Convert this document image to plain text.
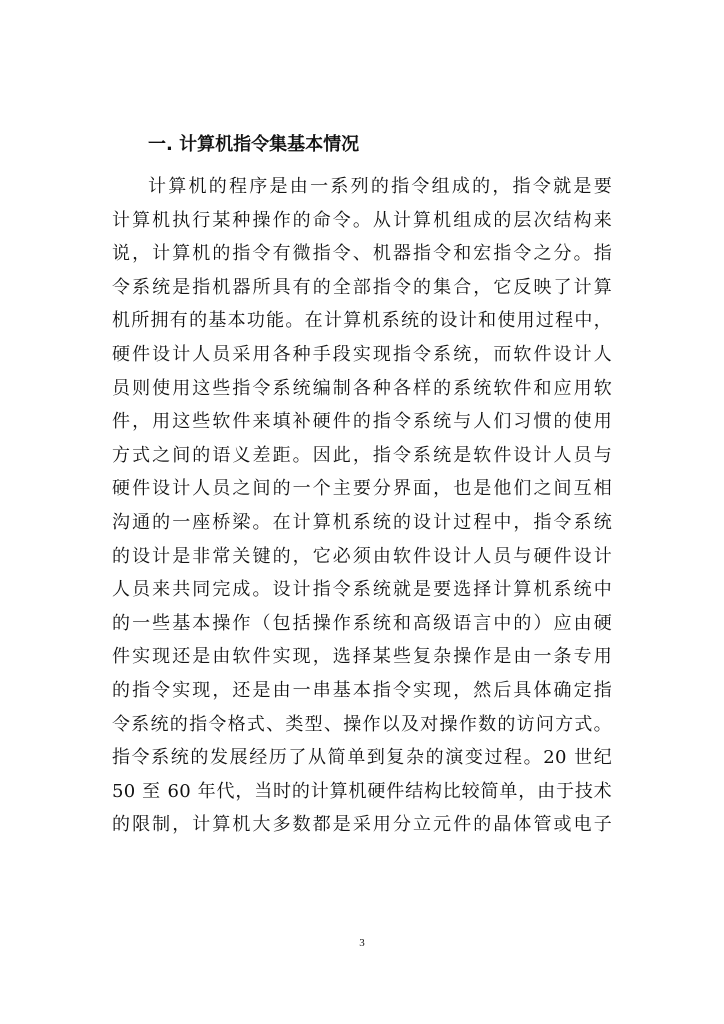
一. 计算机指令集基本情况
计算机的程序是由一系列的指令组成的，指令就是要
计算机执行某种操作的命令。从计算机组成的层次结构来
说，计算机的指令有微指令、机器指令和宏指令之分。指
令系统是指机器所具有的全部指令的集合，它反映了计算
机所拥有的基本功能。在计算机系统的设计和使用过程中，
硬件设计人员采用各种手段实现指令系统，而软件设计人
员则使用这些指令系统编制各种各样的系统软件和应用软
件，用这些软件来填补硬件的指令系统与人们习惯的使用
方式之间的语义差距。因此，指令系统是软件设计人员与
硬件设计人员之间的一个主要分界面，也是他们之间互相
沟通的一座桥梁。在计算机系统的设计过程中，指令系统
的设计是非常关键的，它必须由软件设计人员与硬件设计
人员来共同完成。设计指令系统就是要选择计算机系统中
的一些基本操作（包括操作系统和高级语言中的）应由硬
件实现还是由软件实现，选择某些复杂操作是由一条专用
的指令实现，还是由一串基本指令实现，然后具体确定指
令系统的指令格式、类型、操作以及对操作数的访问方式。
指令系统的发展经历了从简单到复杂的演变过程。20 世纪
50 至 60 年代，当时的计算机硬件结构比较简单，由于技术
的限制，计算机大多数都是采用分立元件的晶体管或电子
3
